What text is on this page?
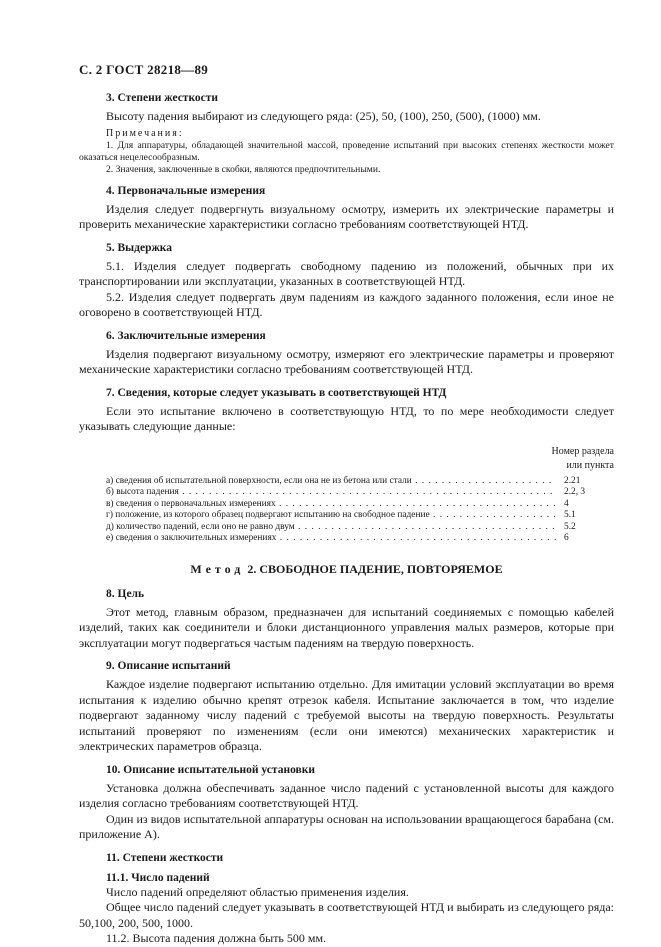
С. 2 ГОСТ 28218—89
3. Степени жесткости
Высоту падения выбирают из следующего ряда: (25), 50, (100), 250, (500), (1000) мм.
Примечания:
1. Для аппаратуры, обладающей значительной массой, проведение испытаний при высоких степенях жесткости может оказаться нецелесообразным.
2. Значения, заключенные в скобки, являются предпочтительными.
4. Первоначальные измерения
Изделия следует подвергнуть визуальному осмотру, измерить их электрические параметры и проверить механические характеристики согласно требованиям соответствующей НТД.
5. Выдержка
5.1. Изделия следует подвергать свободному падению из положений, обычных при их транспортировании или эксплуатации, указанных в соответствующей НТД.
5.2. Изделия следует подвергать двум падениям из каждого заданного положения, если иное не оговорено в соответствующей НТД.
6. Заключительные измерения
Изделия подвергают визуальному осмотру, измеряют его электрические параметры и проверяют механические характеристики согласно требованиям соответствующей НТД.
7. Сведения, которые следует указывать в соответствующей НТД
Если это испытание включено в соответствующую НТД, то по мере необходимости следует указывать следующие данные:
Номер раздела
или пункта
а) сведения об испытательной поверхности, если она не из бетона или стали . . .	2.21
б) высота падения . . .	2.2, 3
в) сведения о первоначальных измерениях . . .	4
г) положение, из которого образец подвергают испытанию на свободное падение . . .	5.1
д) количество падений, если оно не равно двум . . .	5.2
е) сведения о заключительных измерениях . . .	6
Метод 2. СВОБОДНОЕ ПАДЕНИЕ, ПОВТОРЯЕМОЕ
8. Цель
Этот метод, главным образом, предназначен для испытаний соединяемых с помощью кабелей изделий, таких как соединители и блоки дистанционного управления малых размеров, которые при эксплуатации могут подвергаться частым падениям на твердую поверхность.
9. Описание испытаний
Каждое изделие подвергают испытанию отдельно. Для имитации условий эксплуатации во время испытания к изделию обычно крепят отрезок кабеля. Испытание заключается в том, что изделие подвергают заданному числу падений с требуемой высоты на твердую поверхность. Результаты испытаний проверяют по изменениям (если они имеются) механических характеристик и электрических параметров образца.
10. Описание испытательной установки
Установка должна обеспечивать заданное число падений с установленной высоты для каждого изделия согласно требованиям соответствующей НТД.
Один из видов испытательной аппаратуры основан на использовании вращающегося барабана (см. приложение А).
11. Степени жесткости
11.1. Число падений
Число падений определяют областью применения изделия.
Общее число падений следует указывать в соответствующей НТД и выбирать из следующего ряда: 50,100, 200, 500, 1000.
11.2. Высота падения должна быть 500 мм.
